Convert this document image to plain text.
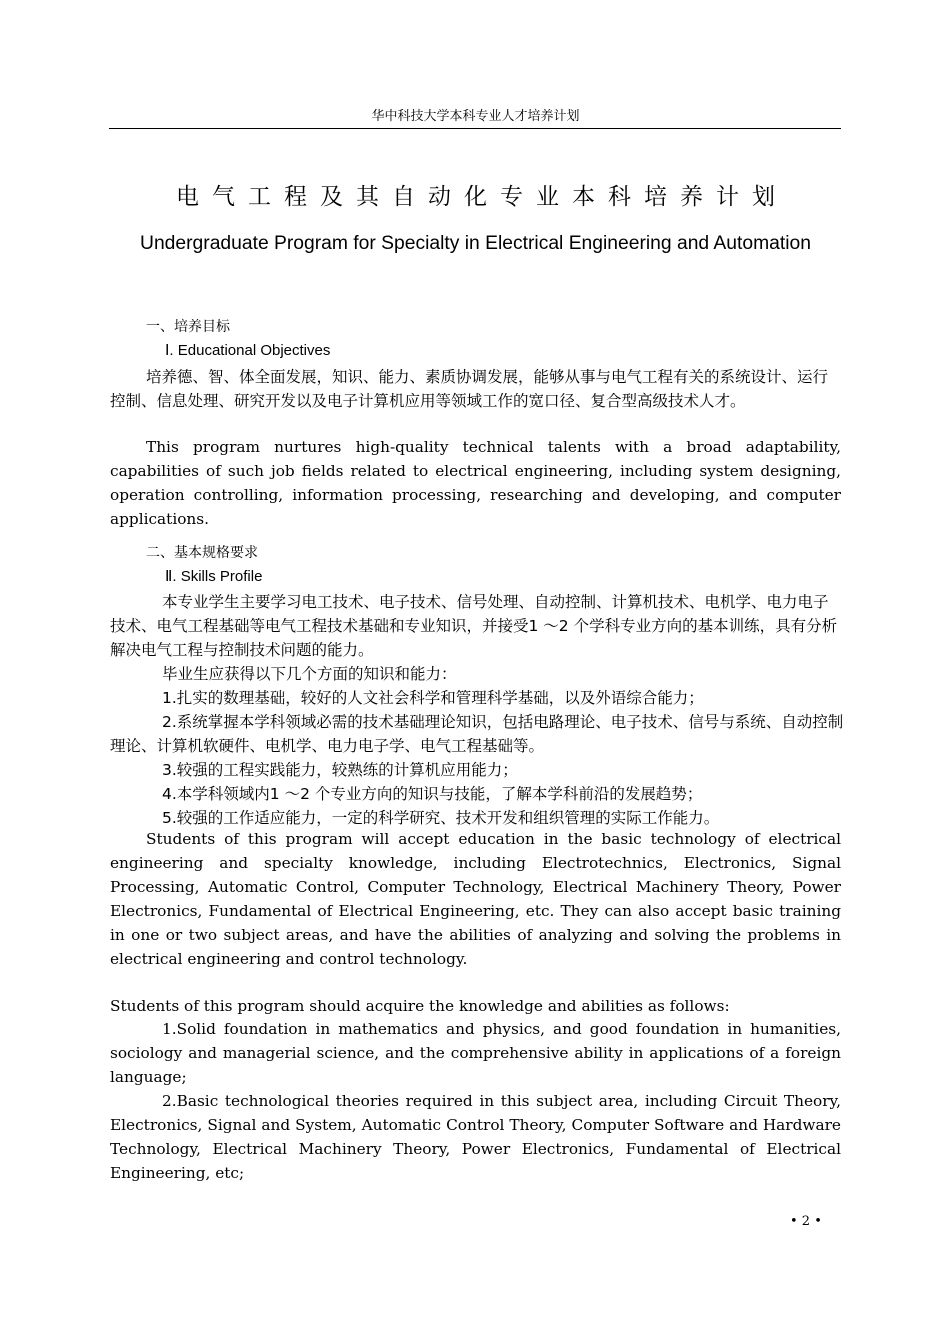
华中科技大学本科专业人才培养计划
电气工程及其自动化专业本科培养计划
Undergraduate Program for Specialty in Electrical Engineering and Automation
一、培养目标
Ⅰ. Educational Objectives

培养德、智、体全面发展，知识、能力、素质协调发展，能够从事与电气工程有关的系统设计、运行控制、信息处理、研究开发以及电子计算机应用等领域工作的宽口径、复合型高级技术人才。

This program nurtures high-quality technical talents with a broad adaptability, capabilities of such job fields related to electrical engineering, including system designing, operation controlling, information processing, researching and developing, and computer applications.

二、基本规格要求
Ⅱ. Skills Profile

本专业学生主要学习电工技术、电子技术、信号处理、自动控制、计算机技术、电机学、电力电子技术、电气工程基础等电气工程技术基础和专业知识，并接受1 ～2 个学科专业方向的基本训练，具有分析解决电气工程与控制技术问题的能力。

毕业生应获得以下几个方面的知识和能力：

1.扎实的数理基础，较好的人文社会科学和管理科学基础，以及外语综合能力；

2.系统掌握本学科领域必需的技术基础理论知识，包括电路理论、电子技术、信号与系统、自动控制理论、计算机软硬件、电机学、电力电子学、电气工程基础等。

3.较强的工程实践能力，较熟练的计算机应用能力；

4.本学科领域内1 ～2 个专业方向的知识与技能，了解本学科前沿的发展趋势；

5.较强的工作适应能力，一定的科学研究、技术开发和组织管理的实际工作能力。

Students of this program will accept education in the basic technology of electrical engineering and specialty knowledge, including Electrotechnics, Electronics, Signal Processing, Automatic Control, Computer Technology, Electrical Machinery Theory, Power Electronics, Fundamental of Electrical Engineering, etc. They can also accept basic training in one or two subject areas, and have the abilities of analyzing and solving the problems in electrical engineering and control technology.

Students of this program should acquire the knowledge and abilities as follows:

1.Solid foundation in mathematics and physics, and good foundation in humanities, sociology and managerial science, and the comprehensive ability in applications of a foreign language;

2.Basic technological theories required in this subject area, including Circuit Theory, Electronics, Signal and System, Automatic Control Theory, Computer Software and Hardware Technology, Electrical Machinery Theory, Power Electronics, Fundamental of Electrical Engineering, etc;

• 2 •
